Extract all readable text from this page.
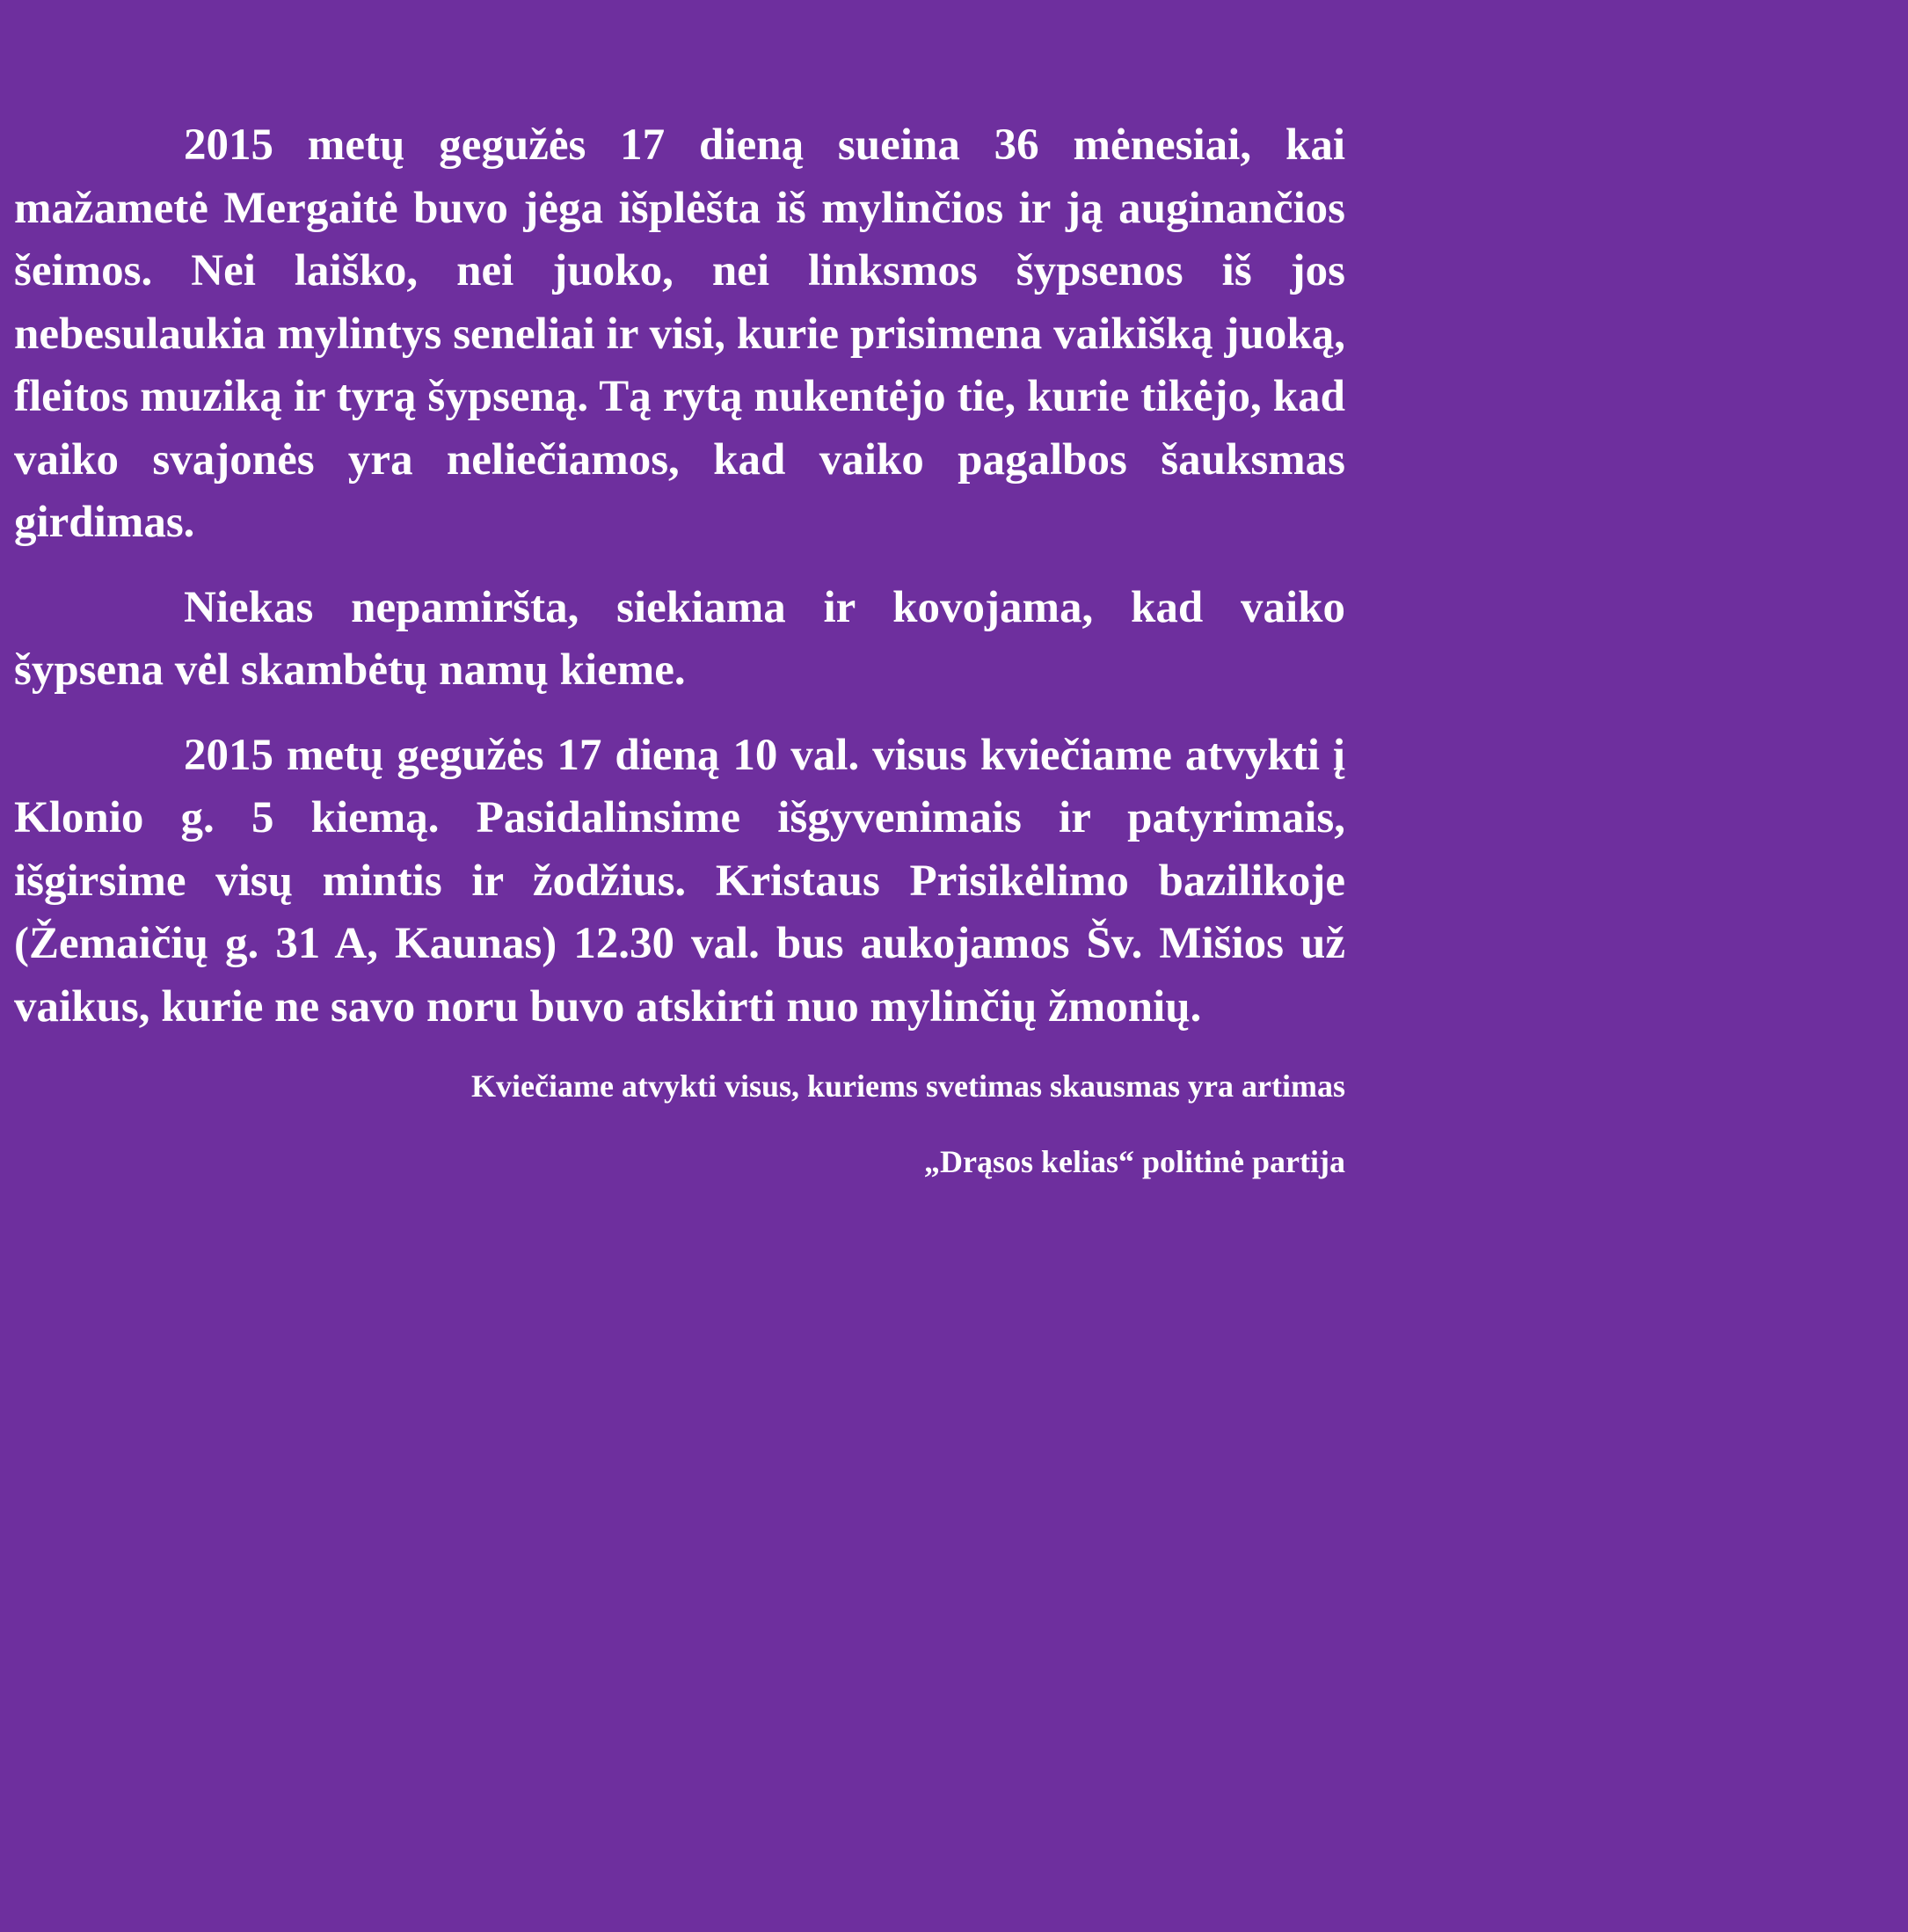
2015 metų gegužės 17 dieną sueina 36 mėnesiai, kai mažametė Mergaitė buvo jėga išplėšta iš mylinčios ir ją auginančios šeimos. Nei laiško, nei juoko, nei linksmos šypsenos iš jos nebesulaukia mylintys seneliai ir visi, kurie prisimena vaikišką juoką, fleitos muziką ir tyrą šypseną. Tą rytą nukentėjo tie, kurie tikėjo, kad vaiko svajonės yra neliečiamos, kad vaiko pagalbos šauksmas girdimas.

Niekas nepamiršta, siekiama ir kovojama, kad vaiko šypsena vėl skambėtų namų kieme.

2015 metų gegužės 17 dieną 10 val. visus kviečiame atvykti į Klonio g. 5 kiemą. Pasidalinsime išgyvenimais ir patyrimais, išgirsime visų mintis ir žodžius. Kristaus Prisikėlimo bazilikoje (Žemaičių g. 31 A, Kaunas) 12.30 val. bus aukojamos Šv. Mišios už vaikus, kurie ne savo noru buvo atskirti nuo mylinčių žmonių.

Kviečiame atvykti visus, kuriems svetimas skausmas yra artimas

„Drąsos kelias“ politinė partija
